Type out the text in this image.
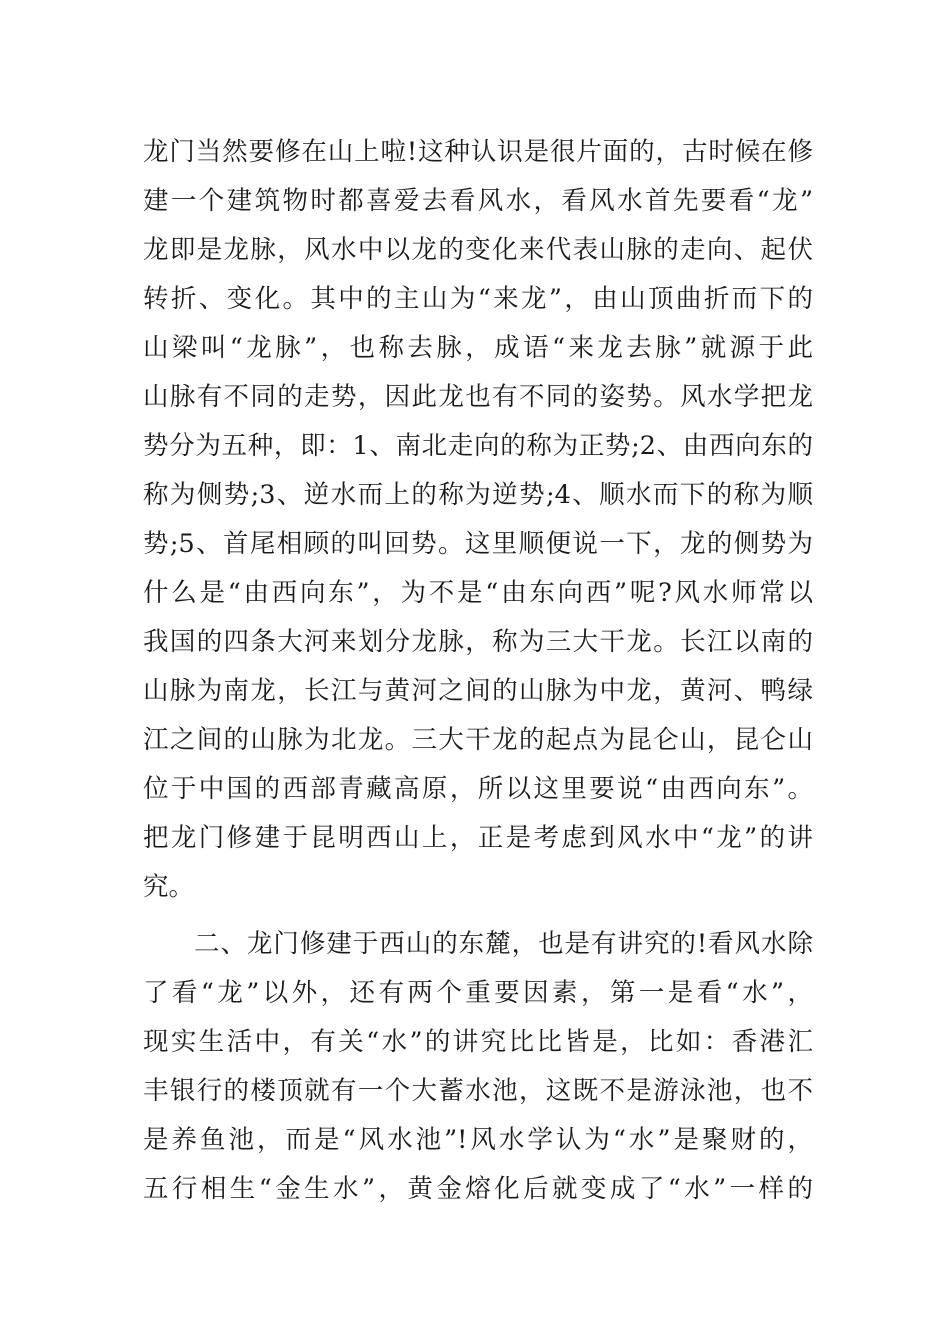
龙门当然要修在山上啦!这种认识是很片面的，古时候在修
建一个建筑物时都喜爱去看风水，看风水首先要看“龙”
龙即是龙脉，风水中以龙的变化来代表山脉的走向、起伏
转折、变化。其中的主山为“来龙”，由山顶曲折而下的
山梁叫“龙脉”，也称去脉，成语“来龙去脉”就源于此
山脉有不同的走势，因此龙也有不同的姿势。风水学把龙
势分为五种，即：1、南北走向的称为正势;2、由西向东的
称为侧势;3、逆水而上的称为逆势;4、顺水而下的称为顺
势;5、首尾相顾的叫回势。这里顺便说一下，龙的侧势为
什么是“由西向东”，为不是“由东向西”呢?风水师常以
我国的四条大河来划分龙脉，称为三大干龙。长江以南的
山脉为南龙，长江与黄河之间的山脉为中龙，黄河、鸭绿
江之间的山脉为北龙。三大干龙的起点为昆仑山，昆仑山
位于中国的西部青藏高原，所以这里要说“由西向东”。
把龙门修建于昆明西山上，正是考虑到风水中“龙”的讲
究。
二、龙门修建于西山的东麓，也是有讲究的!看风水除
了看“龙”以外，还有两个重要因素，第一是看“水”，
现实生活中，有关“水”的讲究比比皆是，比如：香港汇
丰银行的楼顶就有一个大蓄水池，这既不是游泳池，也不
是养鱼池，而是“风水池”!风水学认为“水”是聚财的，
五行相生“金生水”，黄金熔化后就变成了“水”一样的
